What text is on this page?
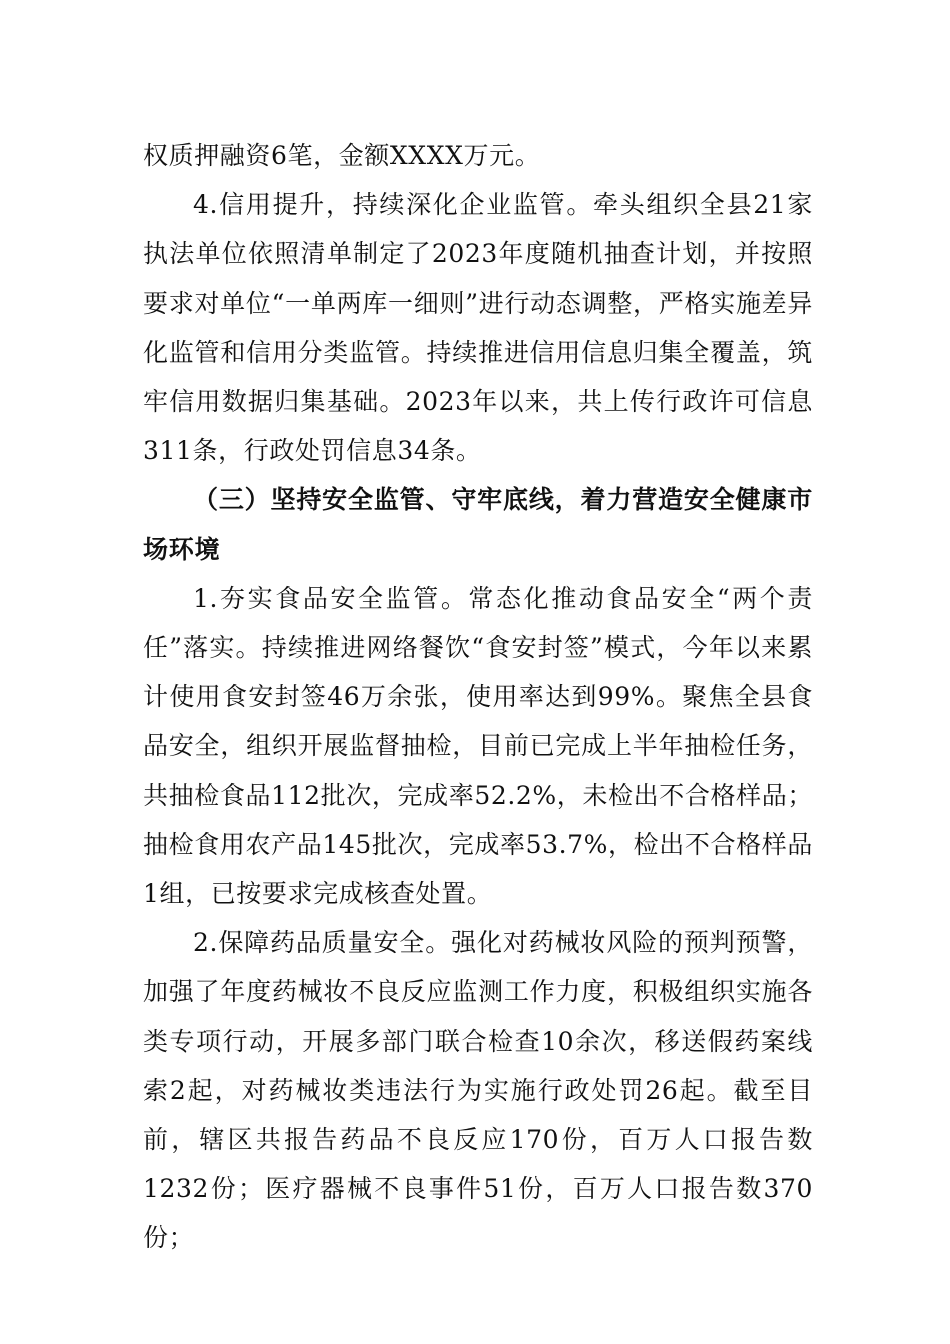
权质押融资6笔，金额XXXX万元。

4.信用提升，持续深化企业监管。牵头组织全县21家执法单位依照清单制定了2023年度随机抽查计划，并按照要求对单位“一单两库一细则”进行动态调整，严格实施差异化监管和信用分类监管。持续推进信用信息归集全覆盖，筑牢信用数据归集基础。2023年以来，共上传行政许可信息311条，行政处罚信息34条。

（三）坚持安全监管、守牢底线，着力营造安全健康市场环境

1.夯实食品安全监管。常态化推动食品安全“两个责任”落实。持续推进网络餐饮“食安封签”模式，今年以来累计使用食安封签46万余张，使用率达到99%。聚焦全县食品安全，组织开展监督抽检，目前已完成上半年抽检任务，共抽检食品112批次，完成率52.2%，未检出不合格样品；抽检食用农产品145批次，完成率53.7%，检出不合格样品1组，已按要求完成核查处置。

2.保障药品质量安全。强化对药械妆风险的预判预警，加强了年度药械妆不良反应监测工作力度，积极组织实施各类专项行动，开展多部门联合检查10余次，移送假药案线索2起，对药械妆类违法行为实施行政处罚26起。截至目前，辖区共报告药品不良反应170份，百万人口报告数1232份；医疗器械不良事件51份，百万人口报告数370份；
